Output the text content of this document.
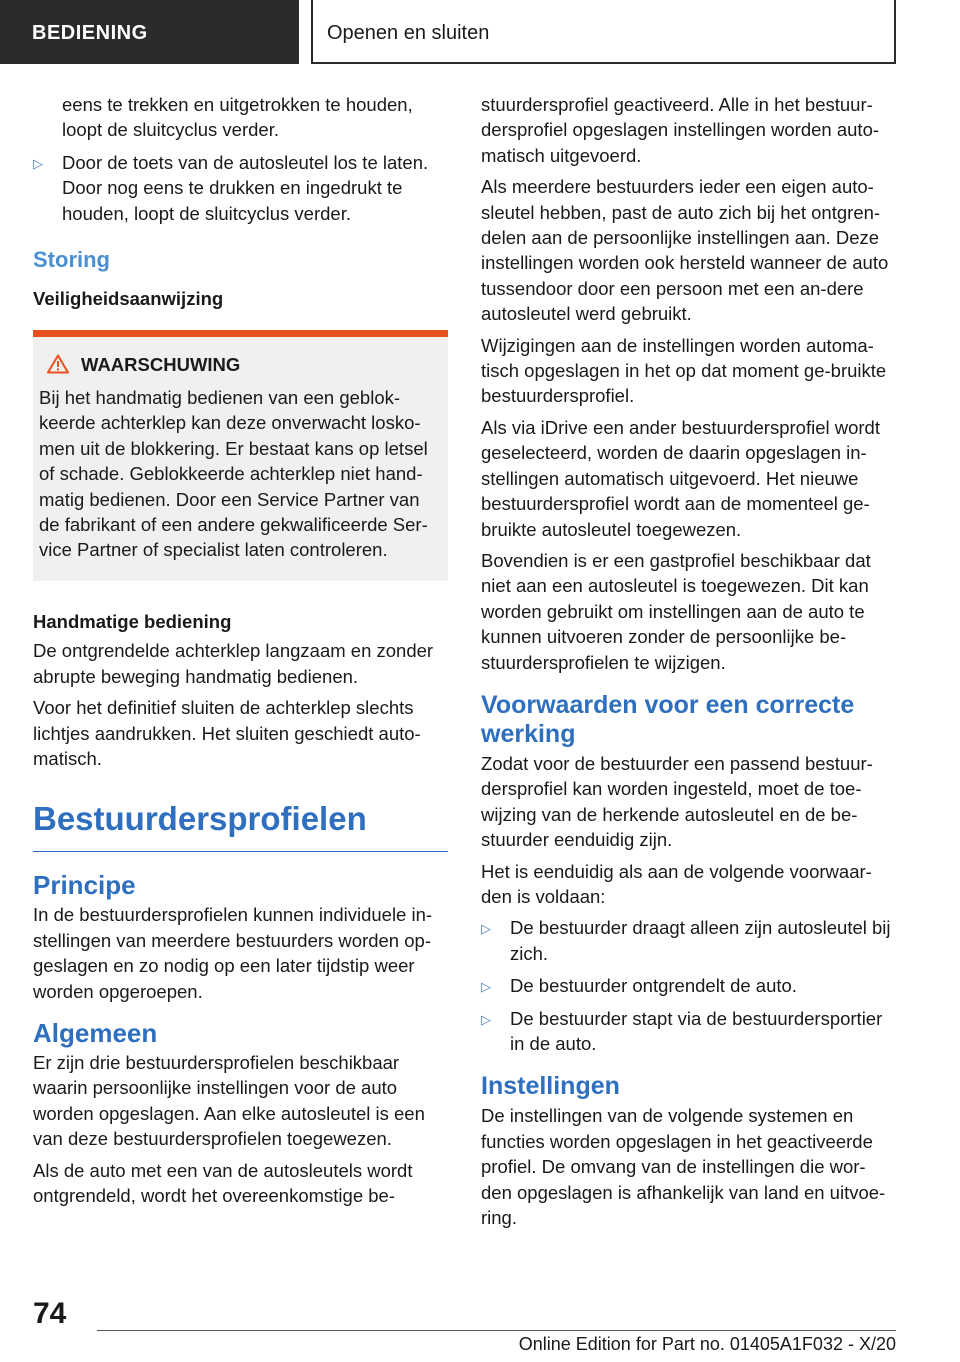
BEDIENING	Openen en sluiten

eens te trekken en uitgetrokken te houden, loopt de sluitcyclus verder.

▷ Door de toets van de autosleutel los te laten. Door nog eens te drukken en ingedrukt te houden, loopt de sluitcyclus verder.
Storing
Veiligheidsaanwijzing
WAARSCHUWING

Bij het handmatig bedienen van een geblok-keerde achterklep kan deze onverwacht losko-men uit de blokkering. Er bestaat kans op letsel of schade. Geblokkeerde achterklep niet hand-matig bedienen. Door een Service Partner van de fabrikant of een andere gekwalificeerde Ser-vice Partner of specialist laten controleren.

Handmatige bediening

De ontgrendelde achterklep langzaam en zonder abrupte beweging handmatig bedienen.

Voor het definitief sluiten de achterklep slechts lichtjes aandrukken. Het sluiten geschiedt auto-matisch.

Bestuurdersprofielen
Principe

In de bestuurdersprofielen kunnen individuele in-stellingen van meerdere bestuurders worden op-geslagen en zo nodig op een later tijdstip weer worden opgeroepen.

Algemeen

Er zijn drie bestuurdersprofielen beschikbaar waarin persoonlijke instellingen voor de auto worden opgeslagen. Aan elke autosleutel is een van deze bestuurdersprofielen toegewezen.

Als de auto met een van de autosleutels wordt ontgrendeld, wordt het overeenkomstige be-

stuurdersprofiel geactiveerd. Alle in het bestuur-dersprofiel opgeslagen instellingen worden auto-matisch uitgevoerd.

Als meerdere bestuurders ieder een eigen auto-sleutel hebben, past de auto zich bij het ontgren-delen aan de persoonlijke instellingen aan. Deze instellingen worden ook hersteld wanneer de auto tussendoor door een persoon met een an-dere autosleutel werd gebruikt.

Wijzigingen aan de instellingen worden automa-tisch opgeslagen in het op dat moment ge-bruikte bestuurdersprofiel.

Als via iDrive een ander bestuurdersprofiel wordt geselecteerd, worden de daarin opgeslagen in-stellingen automatisch uitgevoerd. Het nieuwe bestuurdersprofiel wordt aan de momenteel ge-bruikte autosleutel toegewezen.

Bovendien is er een gastprofiel beschikbaar dat niet aan een autosleutel is toegewezen. Dit kan worden gebruikt om instellingen aan de auto te kunnen uitvoeren zonder de persoonlijke be-stuurdersprofielen te wijzigen.

Voorwaarden voor een correcte werking

Zodat voor de bestuurder een passend bestuur-dersprofiel kan worden ingesteld, moet de toe-wijzing van de herkende autosleutel en de be-stuurder eenduidig zijn.

Het is eenduidig als aan de volgende voorwaar-den is voldaan:

▷ De bestuurder draagt alleen zijn autosleutel bij zich.
▷ De bestuurder ontgrendelt de auto.
▷ De bestuurder stapt via de bestuurdersportier in de auto.
Instellingen

De instellingen van de volgende systemen en functies worden opgeslagen in het geactiveerde profiel. De omvang van de instellingen die wor-den opgeslagen is afhankelijk van land en uitvoe-ring.

74
Online Edition for Part no. 01405A1F032 - X/20
